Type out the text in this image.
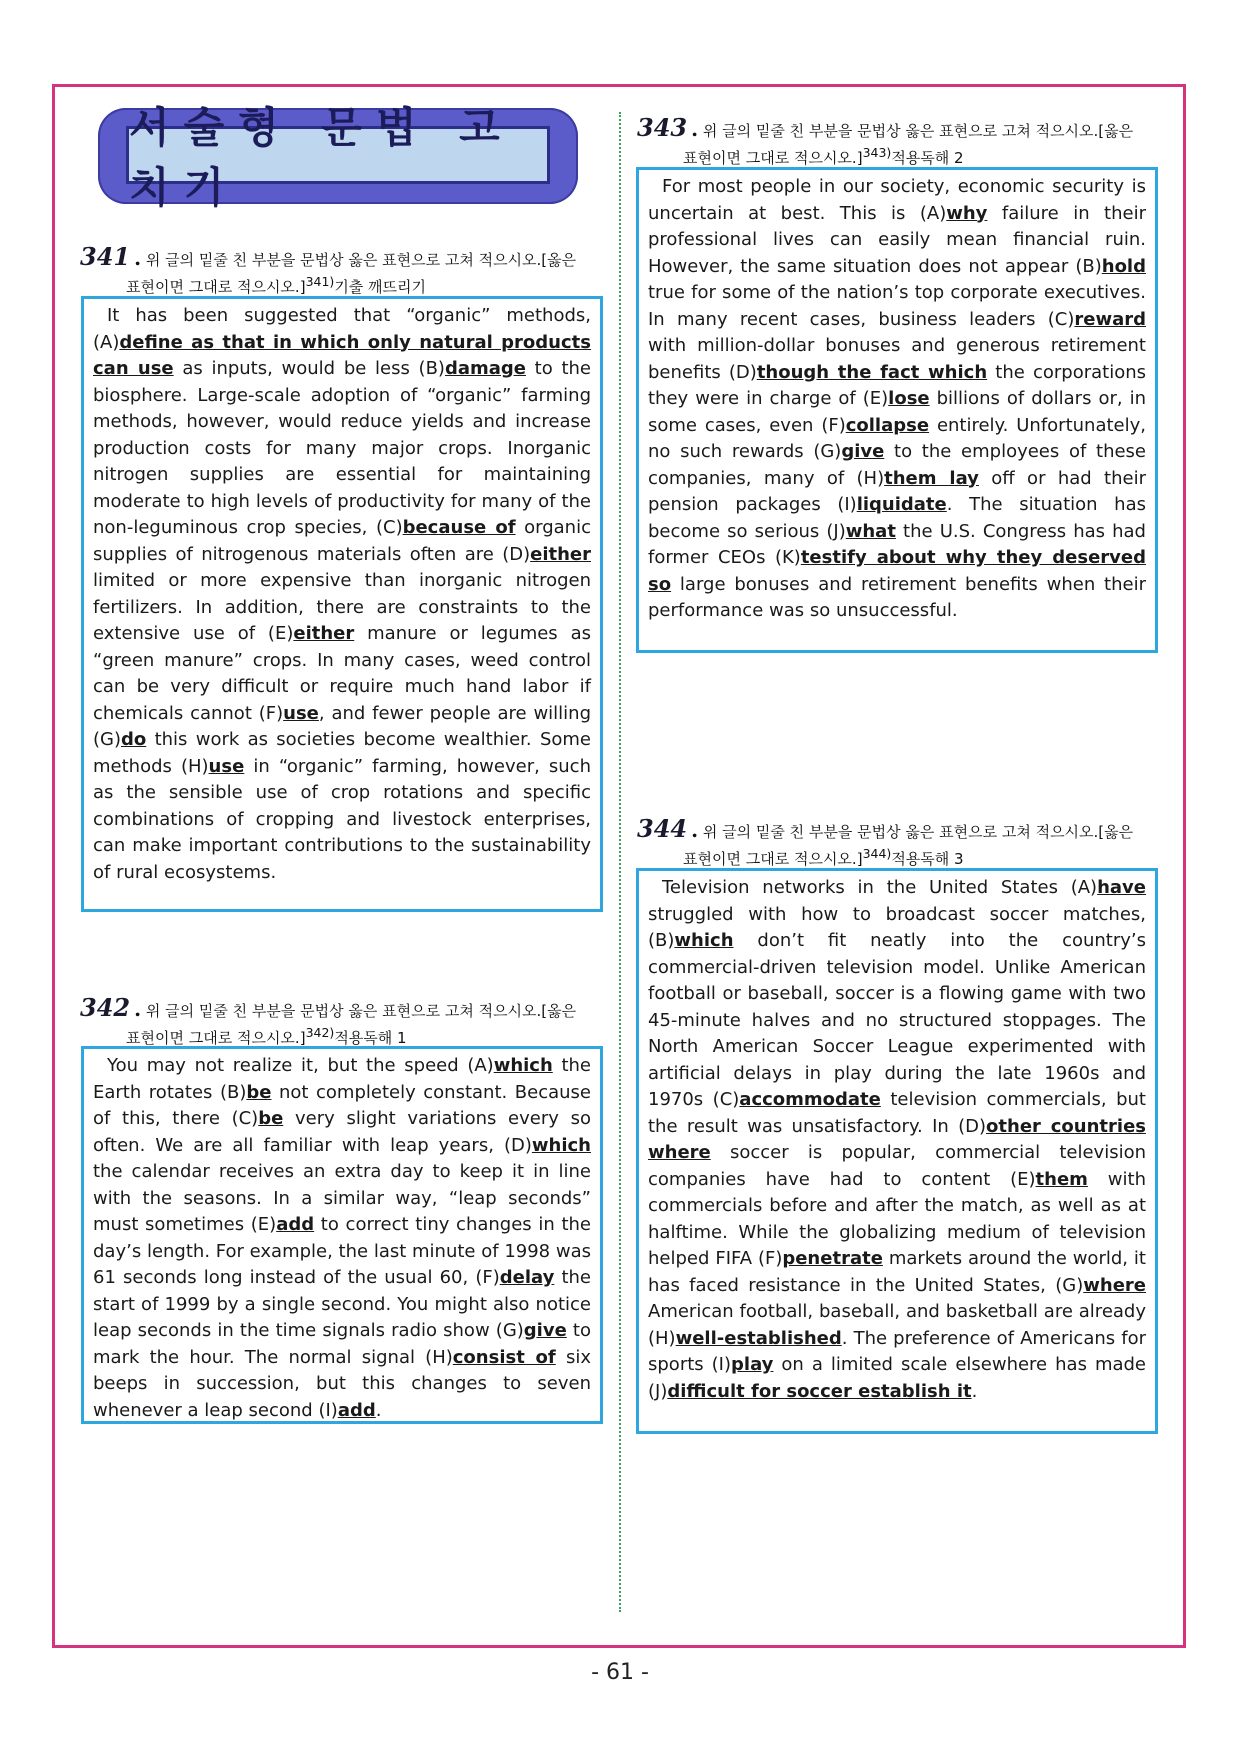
서술형 문법 고치기
341 . 위 글의 밑줄 친 부분을 문법상 옳은 표현으로 고쳐 적으시오.[옳은
표현이면 그대로 적으시오.]$^{341)}$기출 깨뜨리기
It has been suggested that “organic” methods, (A)define as that in which only natural products can use as inputs, would be less (B)damage to the biosphere. Large-scale adoption of “organic” farming methods, however, would reduce yields and increase production costs for many major crops. Inorganic nitrogen supplies are essential for maintaining moderate to high levels of productivity for many of the non-leguminous crop species, (C)because of organic supplies of nitrogenous materials often are (D)either limited or more expensive than inorganic nitrogen fertilizers. In addition, there are constraints to the extensive use of (E)either manure or legumes as “green manure” crops. In many cases, weed control can be very difficult or require much hand labor if chemicals cannot (F)use, and fewer people are willing (G)do this work as societies become wealthier. Some methods (H)use in “organic” farming, however, such as the sensible use of crop rotations and specific combinations of cropping and livestock enterprises, can make important contributions to the sustainability of rural ecosystems.
342 . 위 글의 밑줄 친 부분을 문법상 옳은 표현으로 고쳐 적으시오.[옳은
표현이면 그대로 적으시오.]$^{342)}$적용독해 1
You may not realize it, but the speed (A)which the Earth rotates (B)be not completely constant. Because of this, there (C)be very slight variations every so often. We are all familiar with leap years, (D)which the calendar receives an extra day to keep it in line with the seasons. In a similar way, “leap seconds” must sometimes (E)add to correct tiny changes in the day’s length. For example, the last minute of 1998 was 61 seconds long instead of the usual 60, (F)delay the start of 1999 by a single second. You might also notice leap seconds in the time signals radio show (G)give to mark the hour. The normal signal (H)consist of six beeps in succession, but this changes to seven whenever a leap second (I)add.
343 . 위 글의 밑줄 친 부분을 문법상 옳은 표현으로 고쳐 적으시오.[옳은
표현이면 그대로 적으시오.]$^{343)}$적용독해 2
For most people in our society, economic security is uncertain at best. This is (A)why failure in their professional lives can easily mean financial ruin. However, the same situation does not appear (B)hold true for some of the nation’s top corporate executives. In many recent cases, business leaders (C)reward with million-dollar bonuses and generous retirement benefits (D)though the fact which the corporations they were in charge of (E)lose billions of dollars or, in some cases, even (F)collapse entirely. Unfortunately, no such rewards (G)give to the employees of these companies, many of (H)them lay off or had their pension packages (I)liquidate. The situation has become so serious (J)what the U.S. Congress has had former CEOs (K)testify about why they deserved so large bonuses and retirement benefits when their performance was so unsuccessful.
344 . 위 글의 밑줄 친 부분을 문법상 옳은 표현으로 고쳐 적으시오.[옳은
표현이면 그대로 적으시오.]$^{344)}$적용독해 3
Television networks in the United States (A)have struggled with how to broadcast soccer matches, (B)which don’t fit neatly into the country’s commercial-driven television model. Unlike American football or baseball, soccer is a flowing game with two 45-minute halves and no structured stoppages. The North American Soccer League experimented with artificial delays in play during the late 1960s and 1970s (C)accommodate television commercials, but the result was unsatisfactory. In (D)other countries where soccer is popular, commercial television companies have had to content (E)them with commercials before and after the match, as well as at halftime. While the globalizing medium of television helped FIFA (F)penetrate markets around the world, it has faced resistance in the United States, (G)where American football, baseball, and basketball are already (H)well-established. The preference of Americans for sports (I)play on a limited scale elsewhere has made (J)difficult for soccer establish it.
- 61 -
